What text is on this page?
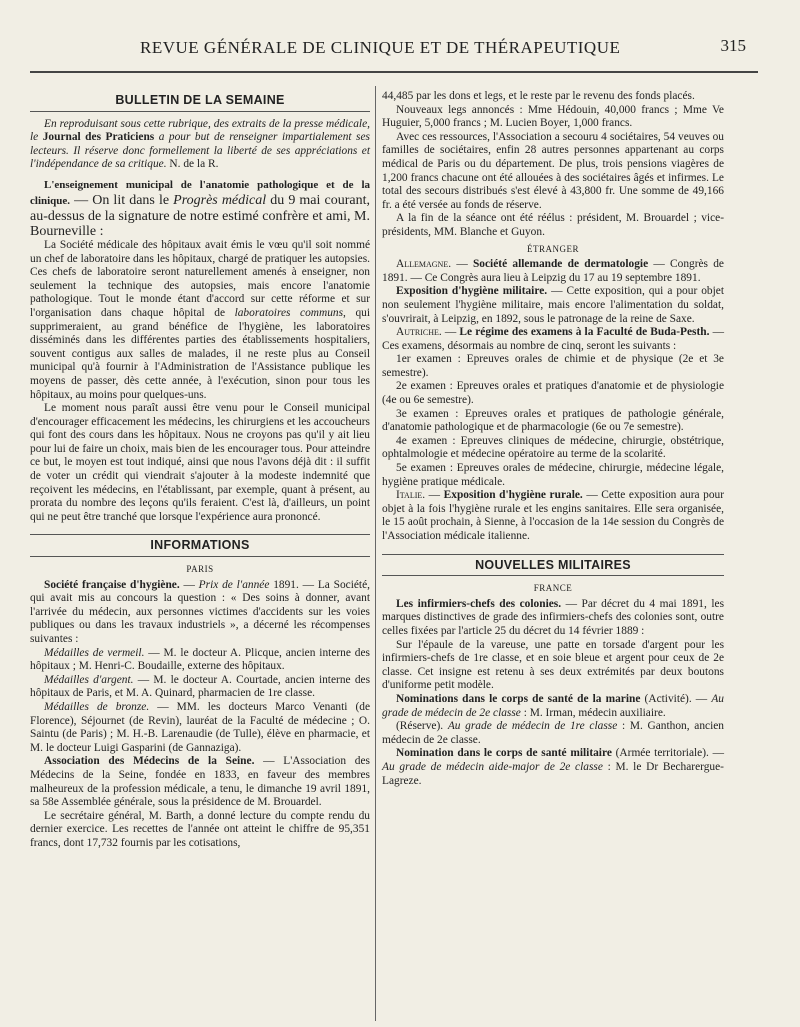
REVUE GÉNÉRALE DE CLINIQUE ET DE THÉRAPEUTIQUE	315
BULLETIN DE LA SEMAINE

En reproduisant sous cette rubrique, des extraits de la presse médicale, le Journal des Praticiens a pour but de renseigner impartialement ses lecteurs. Il réserve donc formellement la liberté de ses appréciations et l'indépendance de sa critique. N. de la R.

L'enseignement municipal de l'anatomie pathologique et de la clinique. — On lit dans le Progrès médical du 9 mai courant, au-dessus de la signature de notre estimé confrère et ami, M. Bourneville :

La Société médicale des hôpitaux avait émis le vœu qu'il soit nommé un chef de laboratoire dans les hôpitaux, chargé de pratiquer les autopsies. Ces chefs de laboratoire seront naturellement amenés à enseigner, non seulement la technique des autopsies, mais encore l'anatomie pathologique. Tout le monde étant d'accord sur cette réforme et sur l'organisation dans chaque hôpital de laboratoires communs, qui supprimeraient, au grand bénéfice de l'hygiène, les laboratoires disséminés dans les différentes parties des établissements hospitaliers, souvent contigus aux salles de malades, il ne reste plus au Conseil municipal qu'à fournir à l'Administration de l'Assistance publique les moyens de passer, dès cette année, à l'exécution, sinon pour tous les hôpitaux, au moins pour quelques-uns.

Le moment nous paraît aussi être venu pour le Conseil municipal d'encourager efficacement les médecins, les chirurgiens et les accoucheurs qui font des cours dans les hôpitaux. Nous ne croyons pas qu'il y ait lieu pour lui de faire un choix, mais bien de les encourager tous. Pour atteindre ce but, le moyen est tout indiqué, ainsi que nous l'avons déjà dit : il suffit de voter un crédit qui viendrait s'ajouter à la modeste indemnité que reçoivent les médecins, en l'établissant, par exemple, quant à présent, au prorata du nombre des leçons qu'ils feraient. C'est là, d'ailleurs, un point qui ne peut être tranché que lorsque l'expérience aura prononcé.

INFORMATIONS
PARIS

Société française d'hygiène. — Prix de l'année 1891. — La Société, qui avait mis au concours la question : « Des soins à donner, avant l'arrivée du médecin, aux personnes victimes d'accidents sur les voies publiques ou dans les travaux industriels », a décerné les récompenses suivantes :

Médailles de vermeil. — M. le docteur A. Plicque, ancien interne des hôpitaux ; M. Henri-C. Boudaille, externe des hôpitaux.

Médailles d'argent. — M. le docteur A. Courtade, ancien interne des hôpitaux de Paris, et M. A. Quinard, pharmacien de 1re classe.

Médailles de bronze. — MM. les docteurs Marco Venanti (de Florence), Séjournet (de Revin), lauréat de la Faculté de médecine ; O. Saintu (de Paris) ; M. H.-B. Larenaudie (de Tulle), élève en pharmacie, et M. le docteur Luigi Gasparini (de Gannaziga).

Association des Médecins de la Seine. — L'Association des Médecins de la Seine, fondée en 1833, en faveur des membres malheureux de la profession médicale, a tenu, le dimanche 19 avril 1891, sa 58e Assemblée générale, sous la présidence de M. Brouardel.

Le secrétaire général, M. Barth, a donné lecture du compte rendu du dernier exercice. Les recettes de l'année ont atteint le chiffre de 95,351 francs, dont 17,732 fournis par les cotisations,

44,485 par les dons et legs, et le reste par le revenu des fonds placés.

Nouveaux legs annoncés : Mme Hédouin, 40,000 francs ; Mme Ve Huguier, 5,000 francs ; M. Lucien Boyer, 1,000 francs.

Avec ces ressources, l'Association a secouru 4 sociétaires, 54 veuves ou familles de sociétaires, enfin 28 autres personnes appartenant au corps médical de Paris ou du département. De plus, trois pensions viagères de 1,200 francs chacune ont été allouées à des sociétaires âgés et infirmes. Le total des secours distribués s'est élevé à 43,800 fr. Une somme de 49,166 fr. a été versée au fonds de réserve.

A la fin de la séance ont été réélus : président, M. Brouardel ; vice-présidents, MM. Blanche et Guyon.

ÉTRANGER

Allemagne. — Société allemande de dermatologie — Congrès de 1891. — Ce Congrès aura lieu à Leipzig du 17 au 19 septembre 1891.

Exposition d'hygiène militaire. — Cette exposition, qui a pour objet non seulement l'hygiène militaire, mais encore l'alimentation du soldat, s'ouvrirait, à Leipzig, en 1892, sous le patronage de la reine de Saxe.

Autriche. — Le régime des examens à la Faculté de Buda-Pesth. — Ces examens, désormais au nombre de cinq, seront les suivants :

1er examen : Epreuves orales de chimie et de physique (2e et 3e semestre).

2e examen : Epreuves orales et pratiques d'anatomie et de physiologie (4e ou 6e semestre).

3e examen : Epreuves orales et pratiques de pathologie générale, d'anatomie pathologique et de pharmacologie (6e ou 7e semestre).

4e examen : Epreuves cliniques de médecine, chirurgie, obstétrique, ophtalmologie et médecine opératoire au terme de la scolarité.

5e examen : Epreuves orales de médecine, chirurgie, médecine légale, hygiène pratique médicale.

Italie. — Exposition d'hygiène rurale. — Cette exposition aura pour objet à la fois l'hygiène rurale et les engins sanitaires. Elle sera organisée, le 15 août prochain, à Sienne, à l'occasion de la 14e session du Congrès de l'Association médicale italienne.

NOUVELLES MILITAIRES
FRANCE

Les infirmiers-chefs des colonies. — Par décret du 4 mai 1891, les marques distinctives de grade des infirmiers-chefs des colonies sont, outre celles fixées par l'article 25 du décret du 14 février 1889 :

Sur l'épaule de la vareuse, une patte en torsade d'argent pour les infirmiers-chefs de 1re classe, et en soie bleue et argent pour ceux de 2e classe. Cet insigne est retenu à ses deux extrémités par deux boutons d'uniforme petit modèle.

Nominations dans le corps de santé de la marine (Activité). — Au grade de médecin de 2e classe : M. Irman, médecin auxiliaire.

(Réserve). Au grade de médecin de 1re classe : M. Ganthon, ancien médecin de 2e classe.

Nomination dans le corps de santé militaire (Armée territoriale). — Au grade de médecin aide-major de 2e classe : M. le Dr Becharergue-Lagreze.
